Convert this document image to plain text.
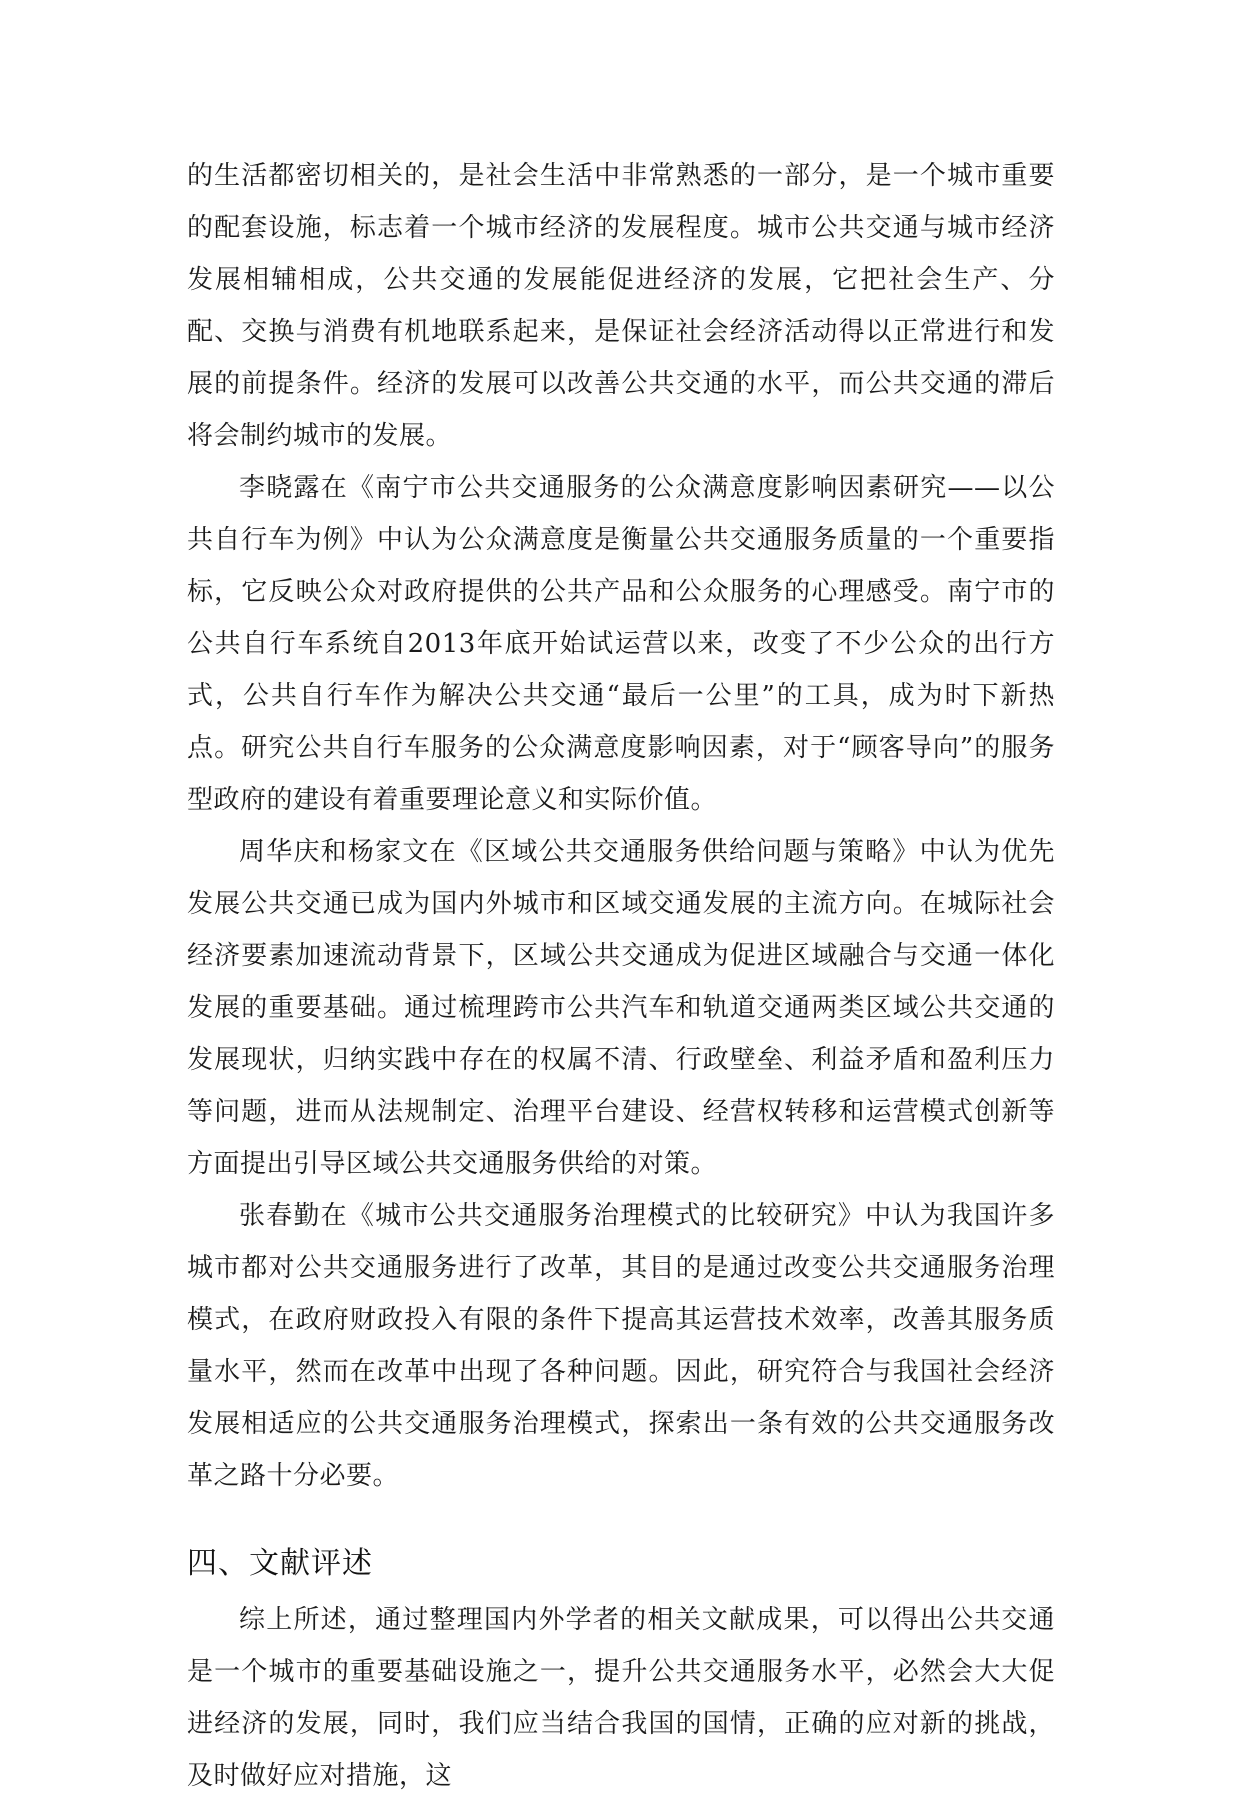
的生活都密切相关的，是社会生活中非常熟悉的一部分，是一个城市重要的配套设施，标志着一个城市经济的发展程度。城市公共交通与城市经济发展相辅相成，公共交通的发展能促进经济的发展，它把社会生产、分配、交换与消费有机地联系起来，是保证社会经济活动得以正常进行和发展的前提条件。经济的发展可以改善公共交通的水平，而公共交通的滞后将会制约城市的发展。

李晓露在《南宁市公共交通服务的公众满意度影响因素研究——以公共自行车为例》中认为公众满意度是衡量公共交通服务质量的一个重要指标，它反映公众对政府提供的公共产品和公众服务的心理感受。南宁市的公共自行车系统自2013年底开始试运营以来，改变了不少公众的出行方式，公共自行车作为解决公共交通“最后一公里”的工具，成为时下新热点。研究公共自行车服务的公众满意度影响因素，对于“顾客导向”的服务型政府的建设有着重要理论意义和实际价值。

周华庆和杨家文在《区域公共交通服务供给问题与策略》中认为优先发展公共交通已成为国内外城市和区域交通发展的主流方向。在城际社会经济要素加速流动背景下，区域公共交通成为促进区域融合与交通一体化发展的重要基础。通过梳理跨市公共汽车和轨道交通两类区域公共交通的发展现状，归纳实践中存在的权属不清、行政壁垒、利益矛盾和盈利压力等问题，进而从法规制定、治理平台建设、经营权转移和运营模式创新等方面提出引导区域公共交通服务供给的对策。

张春勤在《城市公共交通服务治理模式的比较研究》中认为我国许多城市都对公共交通服务进行了改革，其目的是通过改变公共交通服务治理模式，在政府财政投入有限的条件下提高其运营技术效率，改善其服务质量水平，然而在改革中出现了各种问题。因此，研究符合与我国社会经济发展相适应的公共交通服务治理模式，探索出一条有效的公共交通服务改革之路十分必要。

四、文献评述

综上所述，通过整理国内外学者的相关文献成果，可以得出公共交通是一个城市的重要基础设施之一，提升公共交通服务水平，必然会大大促进经济的发展，同时，我们应当结合我国的国情，正确的应对新的挑战，及时做好应对措施，这
